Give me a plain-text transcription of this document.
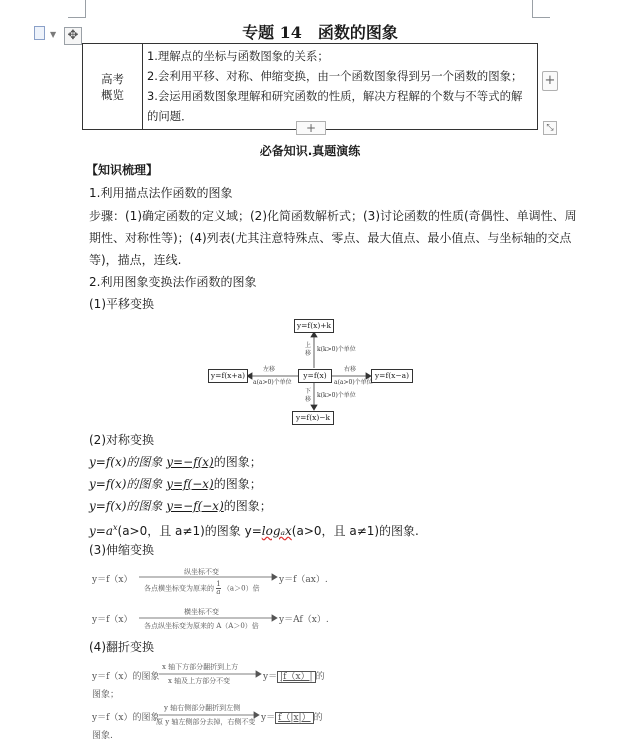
▼ ✥	专题 14　函数的图象
高考
概览

1.理解点的坐标与函数图象的关系；
2.会利用平移、对称、伸缩变换，由一个函数图象得到另一个函数的图象；
3.会运用函数图象理解和研究函数的性质，解决方程解的个数与不等式的解的问题．
+
+	⤡
必备知识.真题演练
【知识梳理】
1.利用描点法作函数的图象
步骤：(1)确定函数的定义域；(2)化简函数解析式；(3)讨论函数的性质(奇偶性、单调性、周
期性、对称性等)；(4)列表(尤其注意特殊点、零点、最大值点、最小值点、与坐标轴的交点
等)，描点，连线.
2.利用图象变换法作函数的图象
(1)平移变换
y=f(x)+k
y=f(x)
y=f(x)−k
y=f(x+a)	y=f(x−a)
上移
k(k>0)个单位
下移
k(k>0)个单位
左移
a(a>0)个单位
右移
a(a>0)个单位
(2)对称变换
y=f(x)的图象 y=−f(x)的图象；
y=f(x)的图象 y=f(−x)的图象；
y=f(x)的图象 y=−f(−x)的图象；
$y=a^x(a>0$，且 a≠1)的图象 y=logₐx(a>0，且 a≠1)的图象.
(3)伸缩变换
y＝f（x）
纵坐标不变
各点横坐标变为原来的 $\frac{1}{a} (a>0)$倍
y＝f（ax）.
y＝f（x）
横坐标不变
各点纵坐标变为原来的 A（A＞0）倍
y＝Af（x）.
(4)翻折变换
y＝f（x）的图象
x 轴下方部分翻折到上方
x 轴及上方部分不变	y＝ |f（x）| 的
图象；
y＝f（x）的图象
y 轴右侧部分翻折到左侧
原 y 轴左侧部分去掉，右侧不变 y＝ f（|x|） 的
图象.
